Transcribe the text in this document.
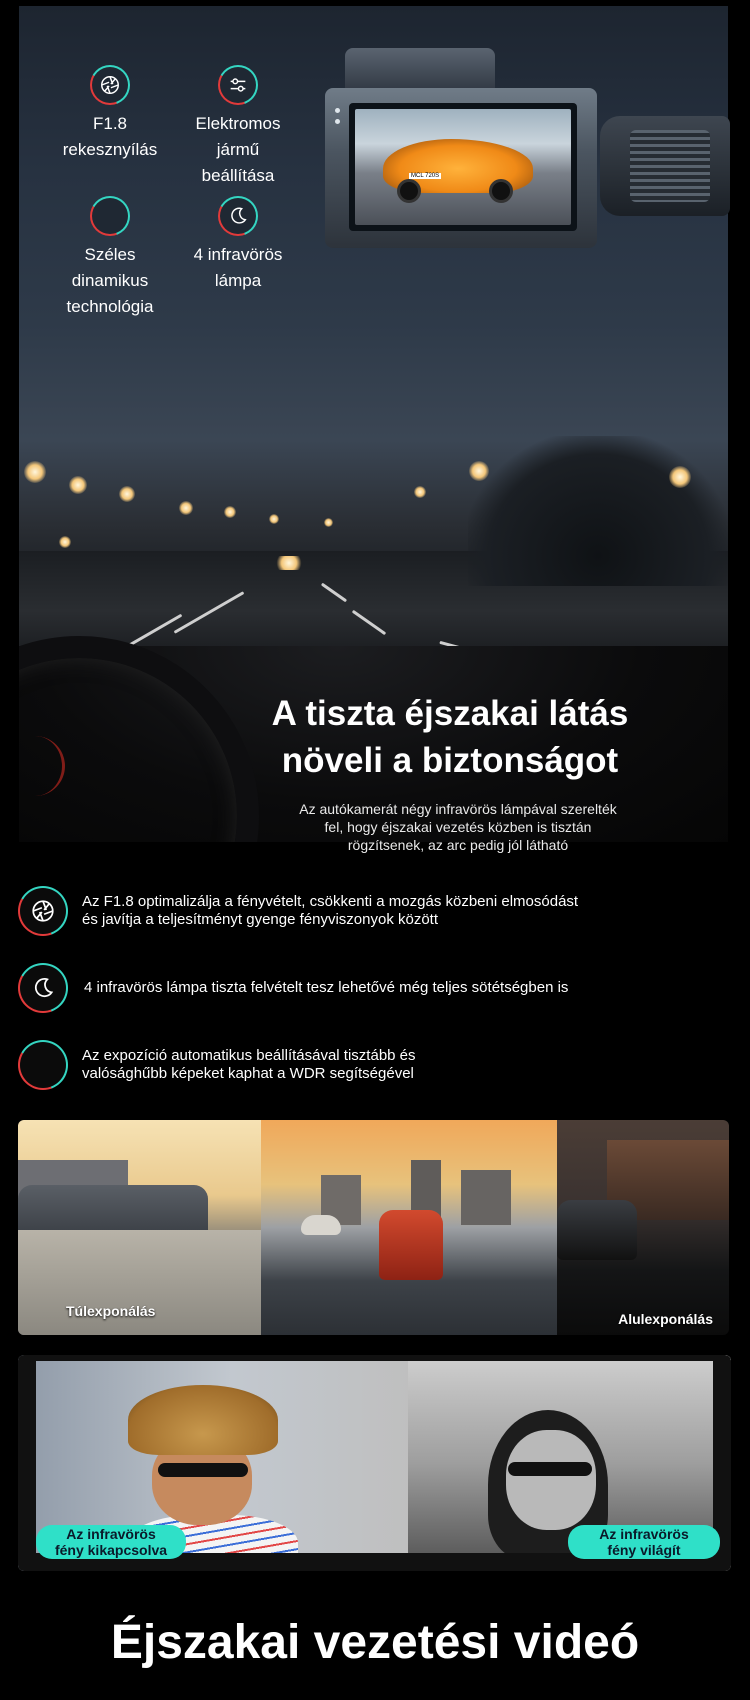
F1.8
rekesznyílás
Elektromos
jármű
beállítása
Széles
dinamikus
technológia
4 infravörös
lámpa
MCL 720S
A tiszta éjszakai látás
növeli a biztonságot
Az autókamerát négy infravörös lámpával szerelték fel, hogy éjszakai vezetés közben is tisztán rögzítsenek, az arc pedig jól látható
Az F1.8 optimalizálja a fényvételt, csökkenti a mozgás közbeni elmosódást
és javítja a teljesítményt gyenge fényviszonyok között
4 infravörös lámpa tiszta felvételt tesz lehetővé még teljes sötétségben is
Az expozíció automatikus beállításával tisztább és
valósághűbb képeket kaphat a WDR segítségével
Túlexponálás	Alulexponálás
Az infravörös
fény kikapcsolva
Az infravörös
fény világít
Éjszakai vezetési videó
